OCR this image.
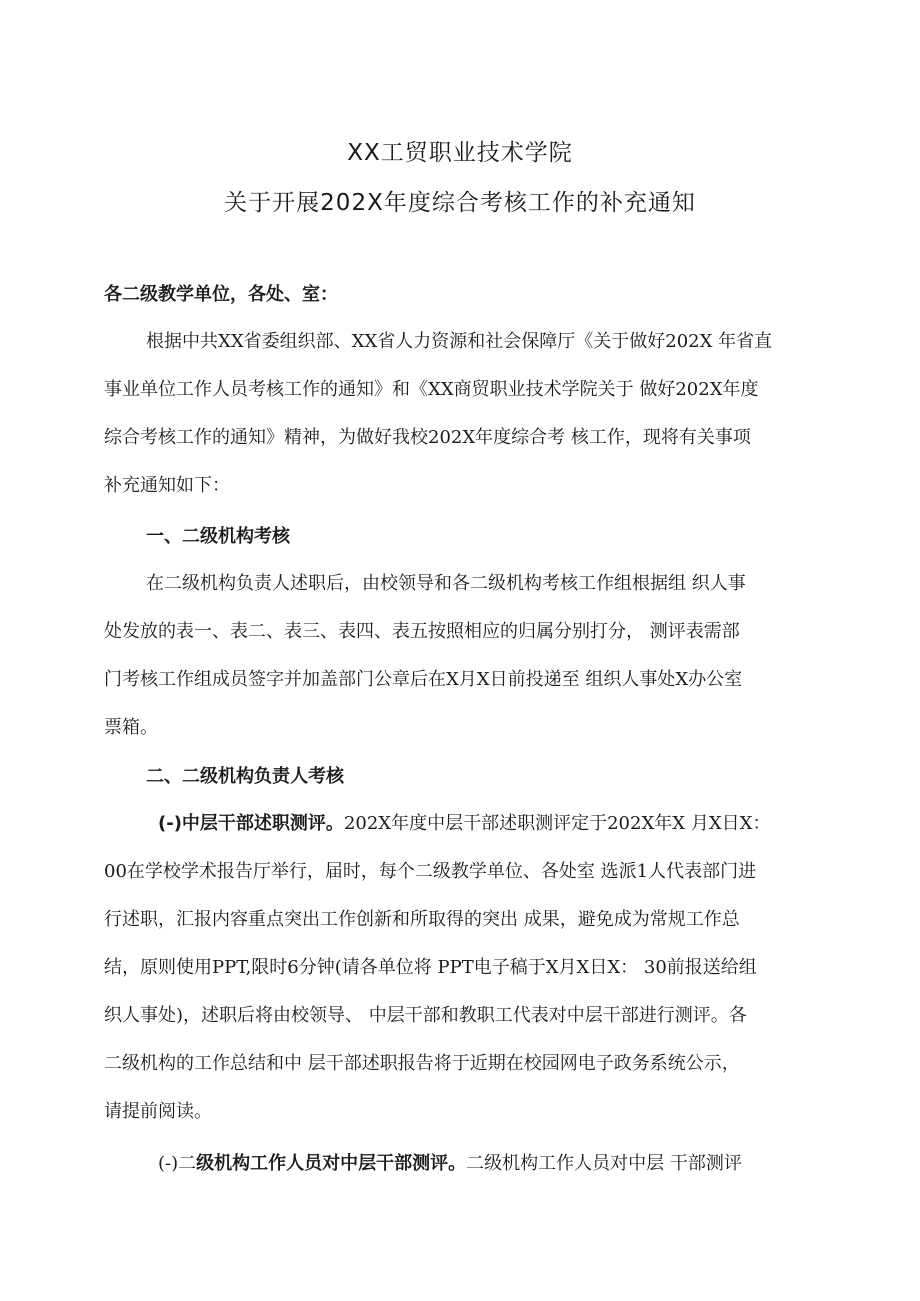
XX工贸职业技术学院
关于开展202X年度综合考核工作的补充通知
各二级教学单位，各处、室：
根据中共XX省委组织部、XX省人力资源和社会保障厅《关于做好202X 年省直
事业单位工作人员考核工作的通知》和《XX商贸职业技术学院关于 做好202X年度
综合考核工作的通知》精神，为做好我校202X年度综合考 核工作，现将有关事项
补充通知如下：
一、二级机构考核
在二级机构负责人述职后，由校领导和各二级机构考核工作组根据组 织人事
处发放的表一、表二、表三、表四、表五按照相应的归属分别打分， 测评表需部
门考核工作组成员签字并加盖部门公章后在X月X日前投递至 组织人事处X办公室
票箱。
二、二级机构负责人考核
(-)中层干部述职测评。202X年度中层干部述职测评定于202X年X 月X日X：
00在学校学术报告厅举行，届时，每个二级教学单位、各处室 选派1人代表部门进
行述职，汇报内容重点突出工作创新和所取得的突出 成果，避免成为常规工作总
结，原则使用PPT,限时6分钟(请各单位将 PPT电子稿于X月X日X： 30前报送给组
织人事处)，述职后将由校领导、 中层干部和教职工代表对中层干部进行测评。各
二级机构的工作总结和中 层干部述职报告将于近期在校园网电子政务系统公示，
请提前阅读。
(-)二级机构工作人员对中层干部测评。二级机构工作人员对中层 干部测评
